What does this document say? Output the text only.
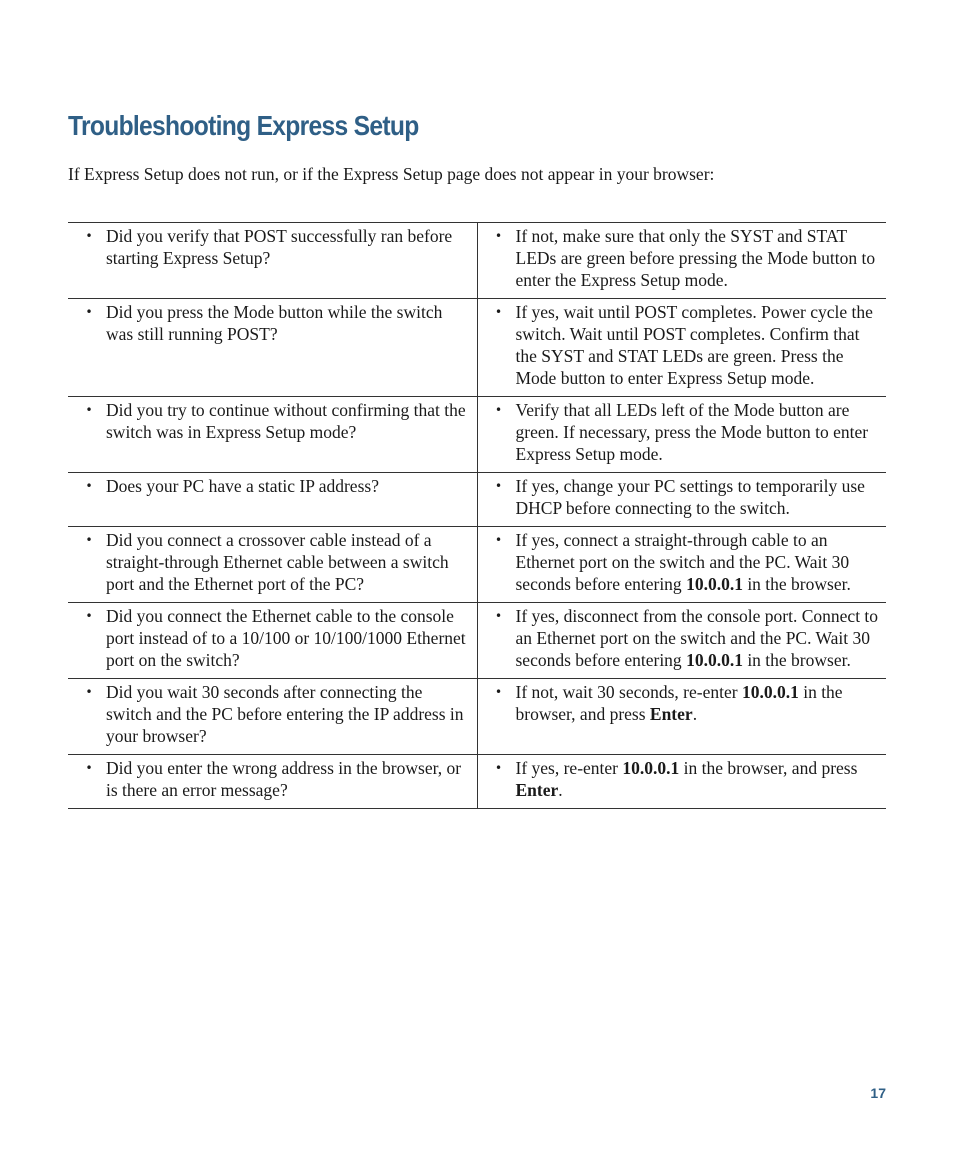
Troubleshooting Express Setup

If Express Setup does not run, or if the Express Setup page does not appear in your browser:

• Did you verify that POST successfully ran before starting Express Setup?	• If not, make sure that only the SYST and STAT LEDs are green before pressing the Mode button to enter the Express Setup mode.

• Did you press the Mode button while the switch was still running POST?	• If yes, wait until POST completes. Power cycle the switch. Wait until POST completes. Confirm that the SYST and STAT LEDs are green. Press the Mode button to enter Express Setup mode.

• Did you try to continue without confirming that the switch was in Express Setup mode?	• Verify that all LEDs left of the Mode button are green. If necessary, press the Mode button to enter Express Setup mode.

• Does your PC have a static IP address?	• If yes, change your PC settings to temporarily use DHCP before connecting to the switch.

• Did you connect a crossover cable instead of a straight-through Ethernet cable between a switch port and the Ethernet port of the PC?	• If yes, connect a straight-through cable to an Ethernet port on the switch and the PC. Wait 30 seconds before entering 10.0.0.1 in the browser.

• Did you connect the Ethernet cable to the console port instead of to a 10/100 or 10/100/1000 Ethernet port on the switch?	• If yes, disconnect from the console port. Connect to an Ethernet port on the switch and the PC. Wait 30 seconds before entering 10.0.0.1 in the browser.

• Did you wait 30 seconds after connecting the switch and the PC before entering the IP address in your browser?	• If not, wait 30 seconds, re-enter 10.0.0.1 in the browser, and press Enter.

• Did you enter the wrong address in the browser, or is there an error message?	• If yes, re-enter 10.0.0.1 in the browser, and press Enter.
17
